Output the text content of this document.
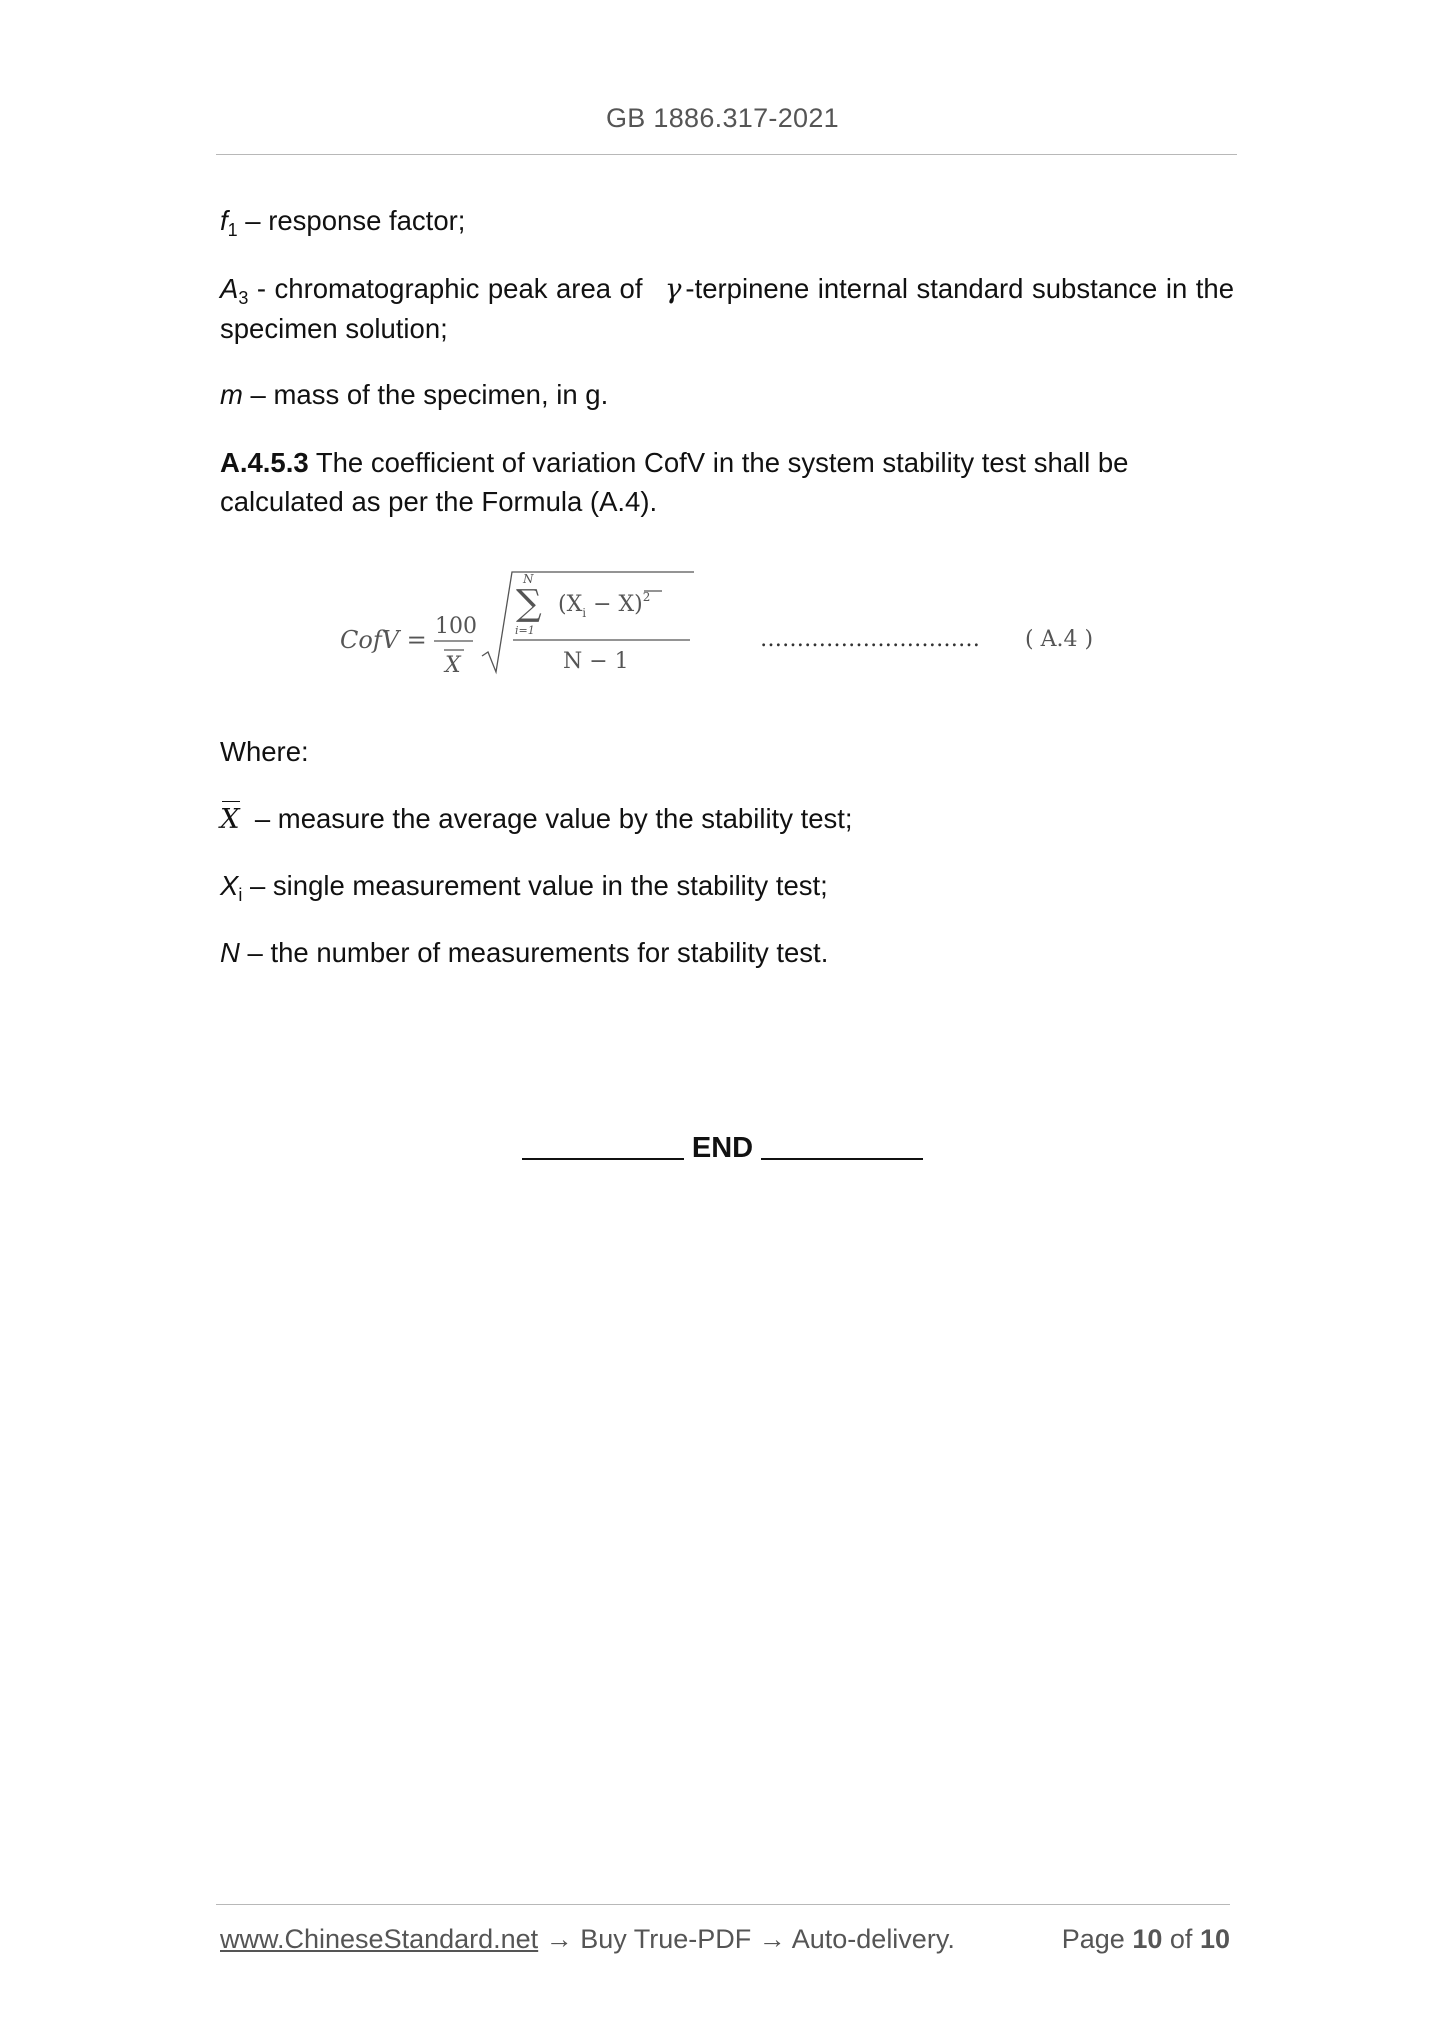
GB 1886.317-2021
$f_1$ – response factor;
$A_3$ - chromatographic peak area of γ -terpinene internal standard substance in the specimen solution;
m – mass of the specimen, in g.
A.4.5.3 The coefficient of variation CofV in the system stability test shall be calculated as per the Formula (A.4).
CofV = 100
X
N
∑
i=1
$(X_i - X)^2$
N − 1
………………………… ( A.4 )
Where:
X  – measure the average value by the stability test;
$X_i$ – single measurement value in the stability test;
N – the number of measurements for stability test.
END
www.ChineseStandard.net → Buy True-PDF → Auto-delivery.	Page 10 of 10
